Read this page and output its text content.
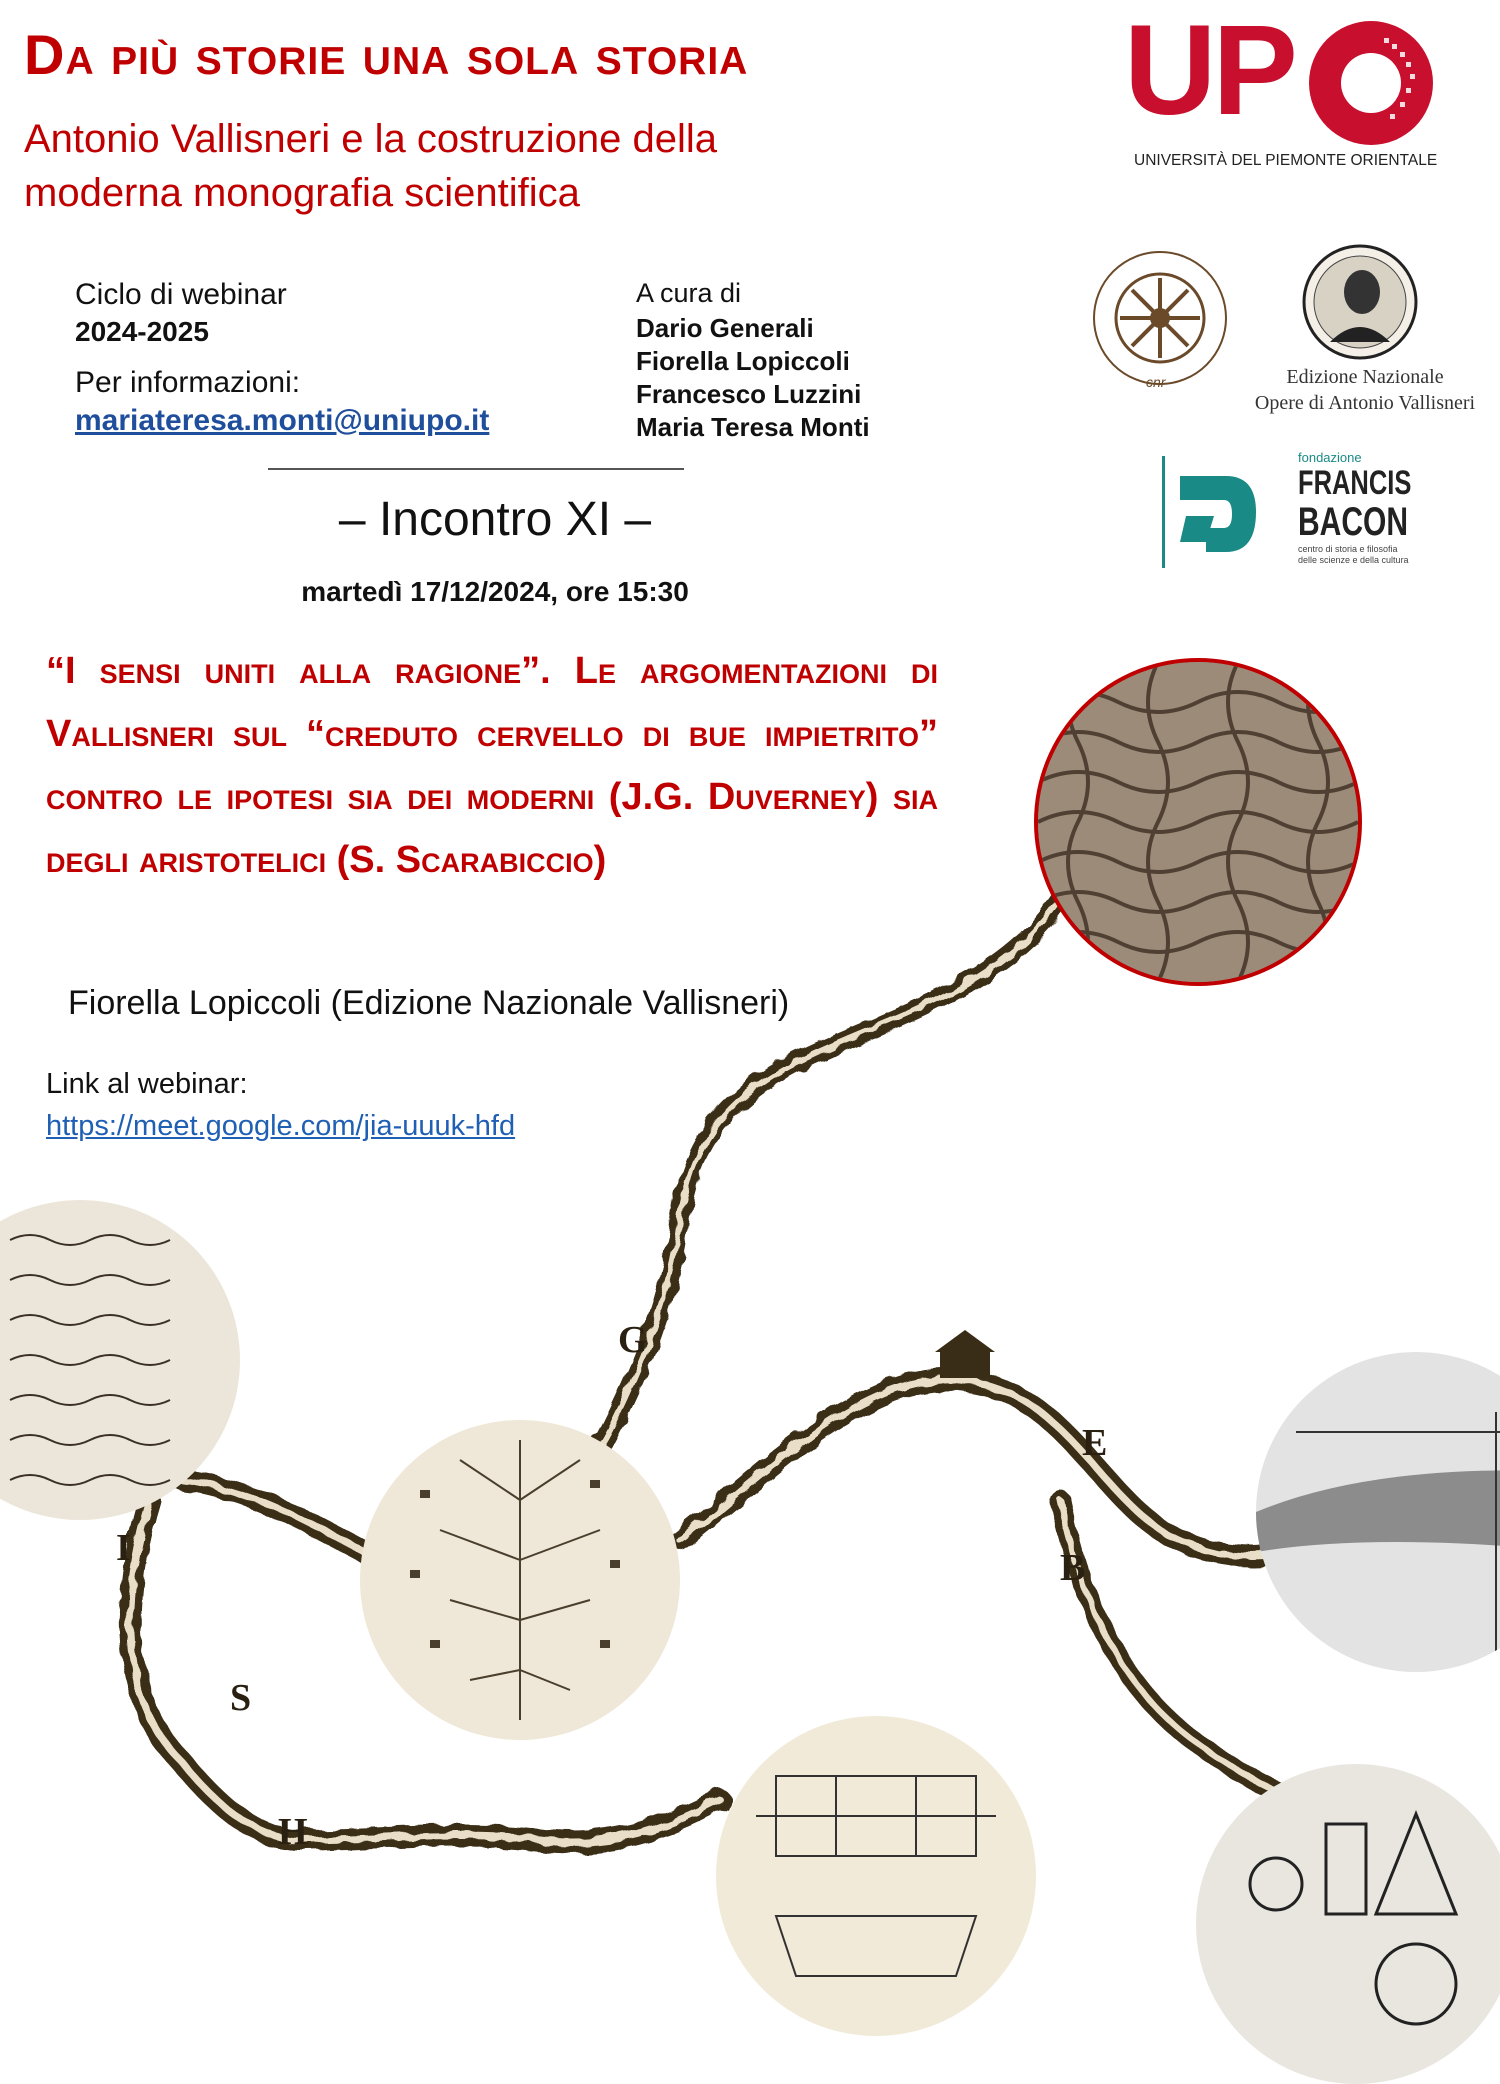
G
E
B
H
S
I
Da più storie una sola storia
Antonio Vallisneri e la costruzione della
moderna monografia scientifica
Ciclo di webinar
2024-2025
Per informazioni:
mariateresa.monti@uniupo.it
A cura di
Dario Generali
Fiorella Lopiccoli
Francesco Luzzini
Maria Teresa Monti
– Incontro XI –
martedì 17/12/2024, ore 15:30
“I sensi uniti alla ragione”. Le argomentazioni di Vallisneri sul “creduto cervello di bue impietrito” contro le ipotesi sia dei moderni (J.G. Duverney) sia degli aristotelici (S. Scarabiccio)
Fiorella Lopiccoli (Edizione Nazionale Vallisneri)
Link al webinar:
https://meet.google.com/jia-uuuk-hfd
UP
UNIVERSITÀ DEL PIEMONTE ORIENTALE
cnr	Edizione Nazionale
Opere di Antonio Vallisneri
fondazione
FRANCIS
BACON
centro di storia e filosofia
delle scienze e della cultura
